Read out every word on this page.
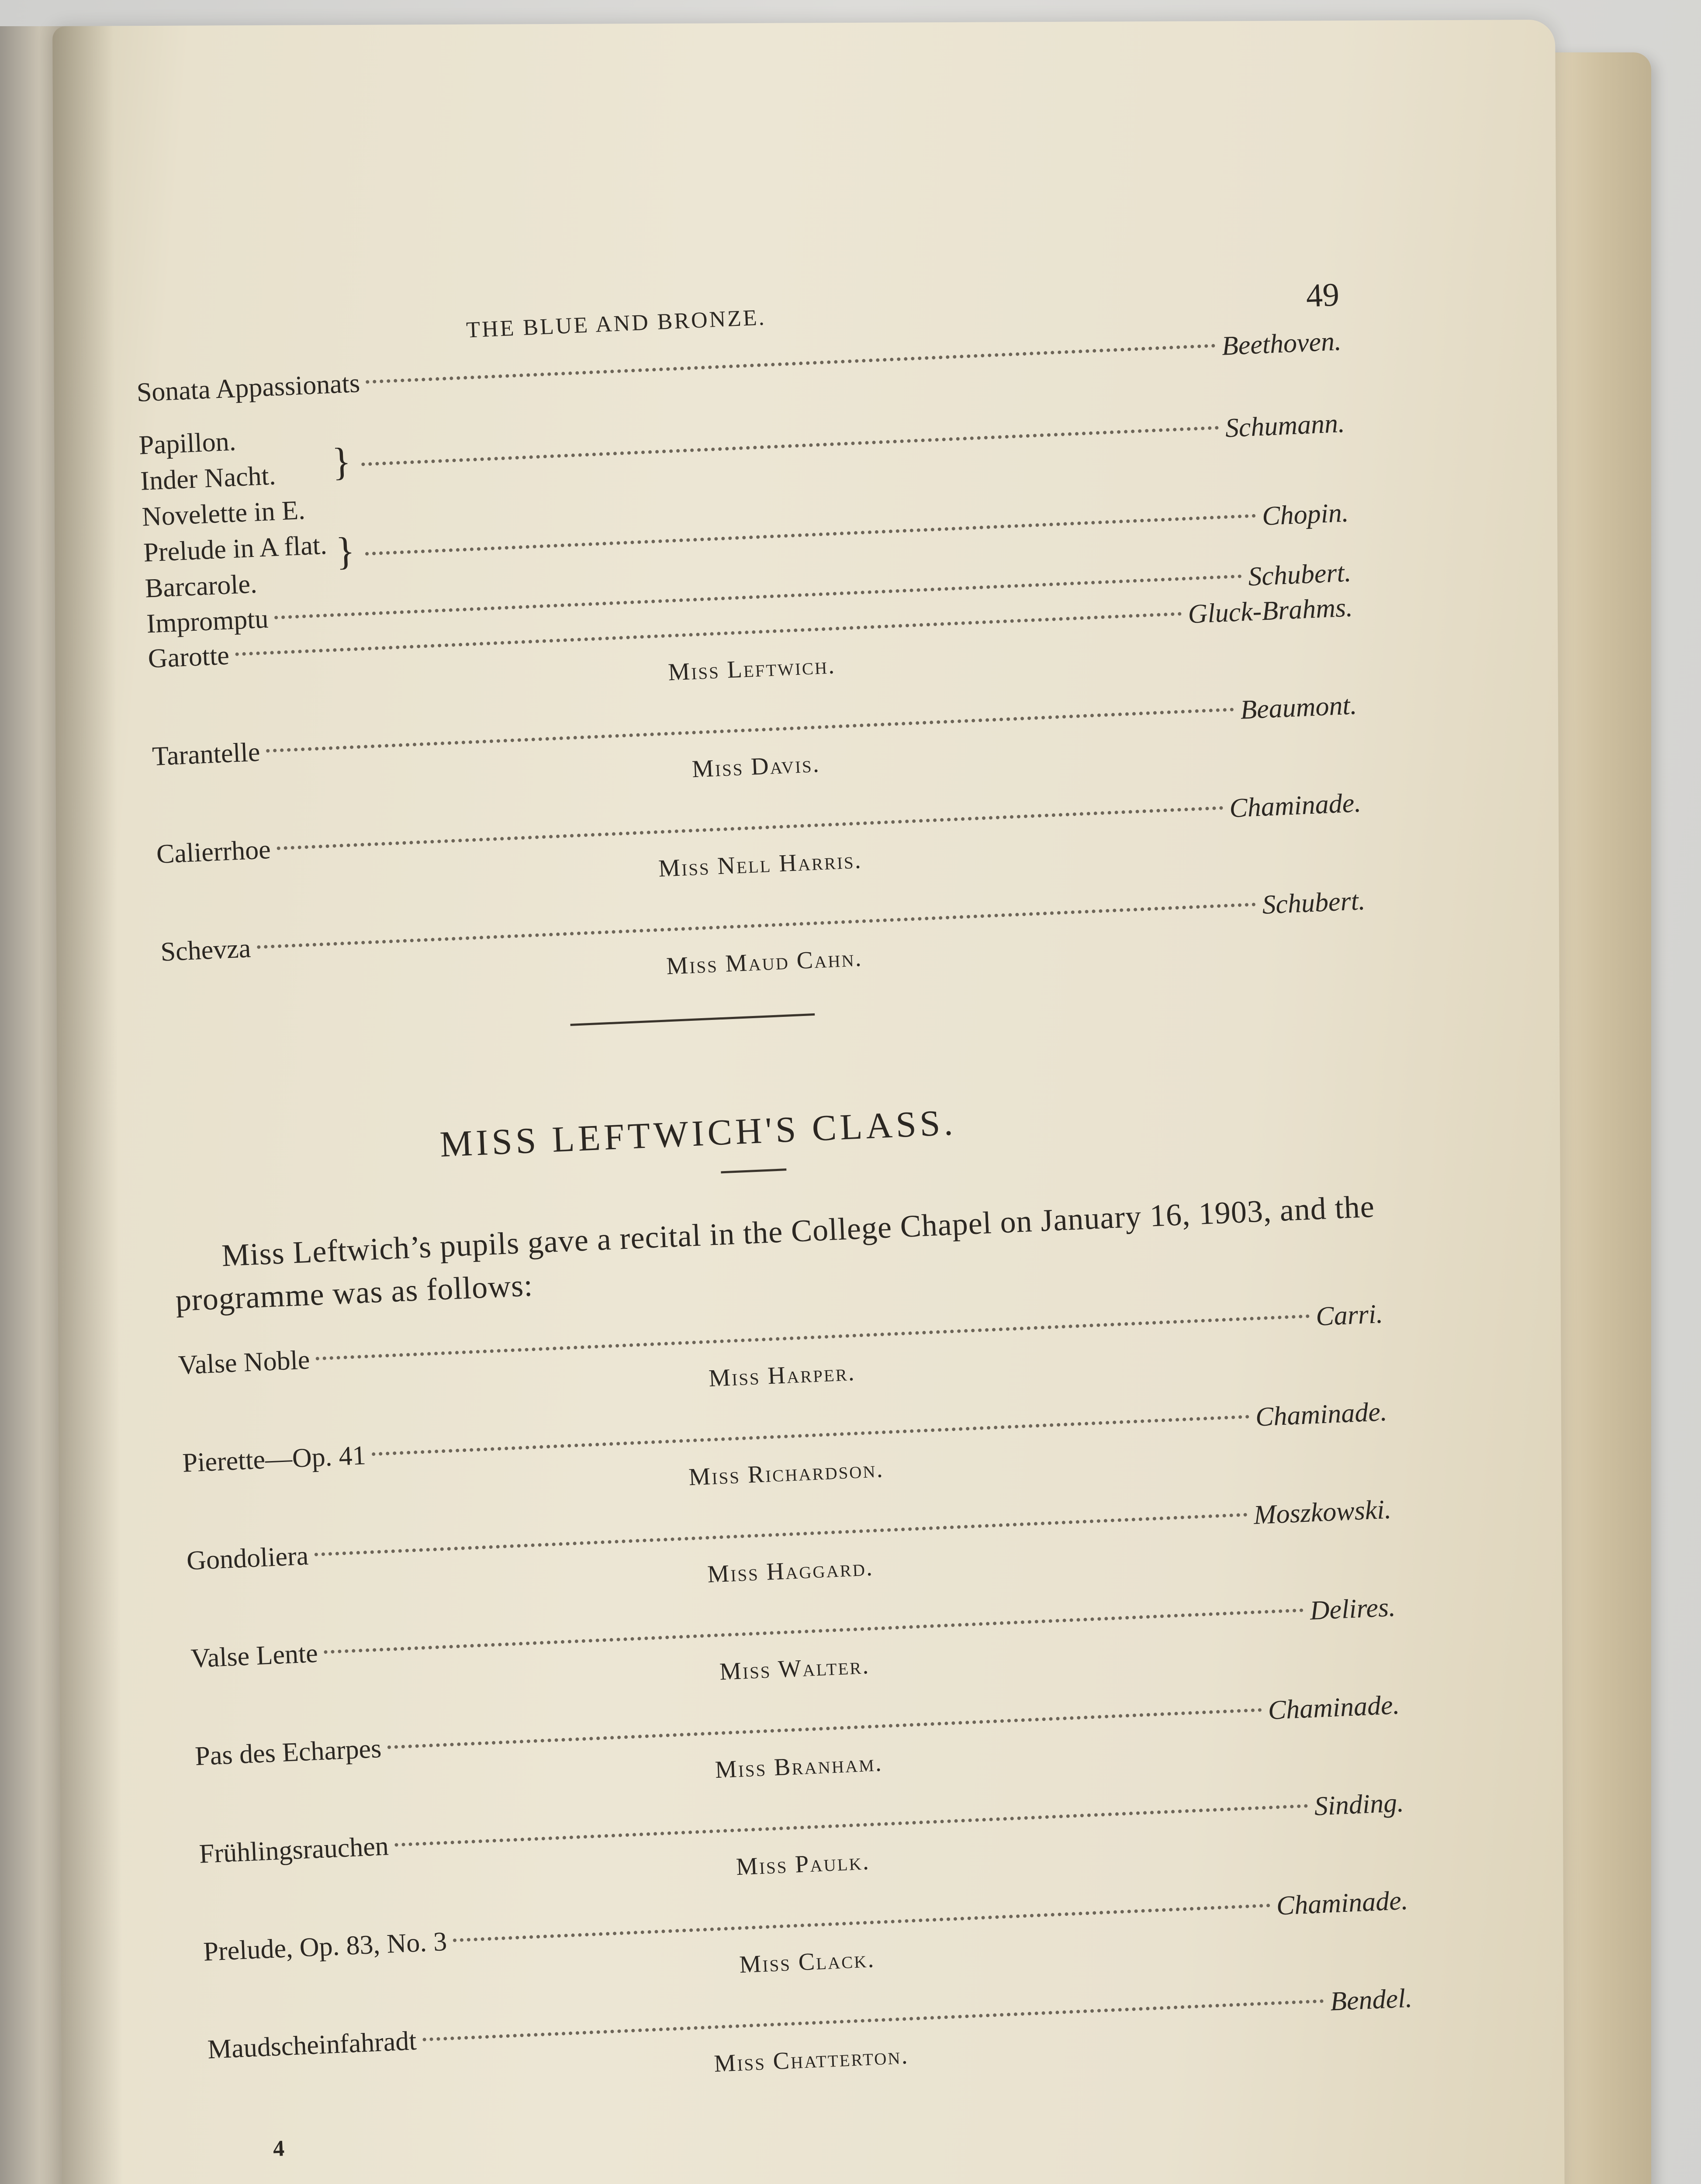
THE BLUE AND BRONZE.
49
Sonata Appassionats
Beethoven.
Papillon.
Inder Nacht.
Novelette in E.
Prelude in A flat.
Barcarole.
}
Schumann.
}
Chopin.
Impromptu
Schubert.
Garotte
Gluck-Brahms.
Miss Leftwich.
Tarantelle
Beaumont.
Miss Davis.
Calierrhoe
Chaminade.
Miss Nell Harris.
Schevza
Schubert.
Miss Maud Cahn.
MISS LEFTWICH'S CLASS.

Miss Leftwich’s pupils gave a recital in the College Chapel on January 16, 1903, and the programme was as follows:

Valse Noble
Carri.
Miss Harper.
Pierette—Op. 41
Chaminade.
Miss Richardson.
Gondoliera
Moszkowski.
Miss Haggard.
Valse Lente
Delires.
Miss Walter.
Pas des Echarpes
Chaminade.
Miss Branham.
Frühlingsrauchen
Sinding.
Miss Paulk.
Prelude, Op. 83, No. 3
Chaminade.
Miss Clack.
Maudscheinfahradt
Bendel.
Miss Chatterton.
4
